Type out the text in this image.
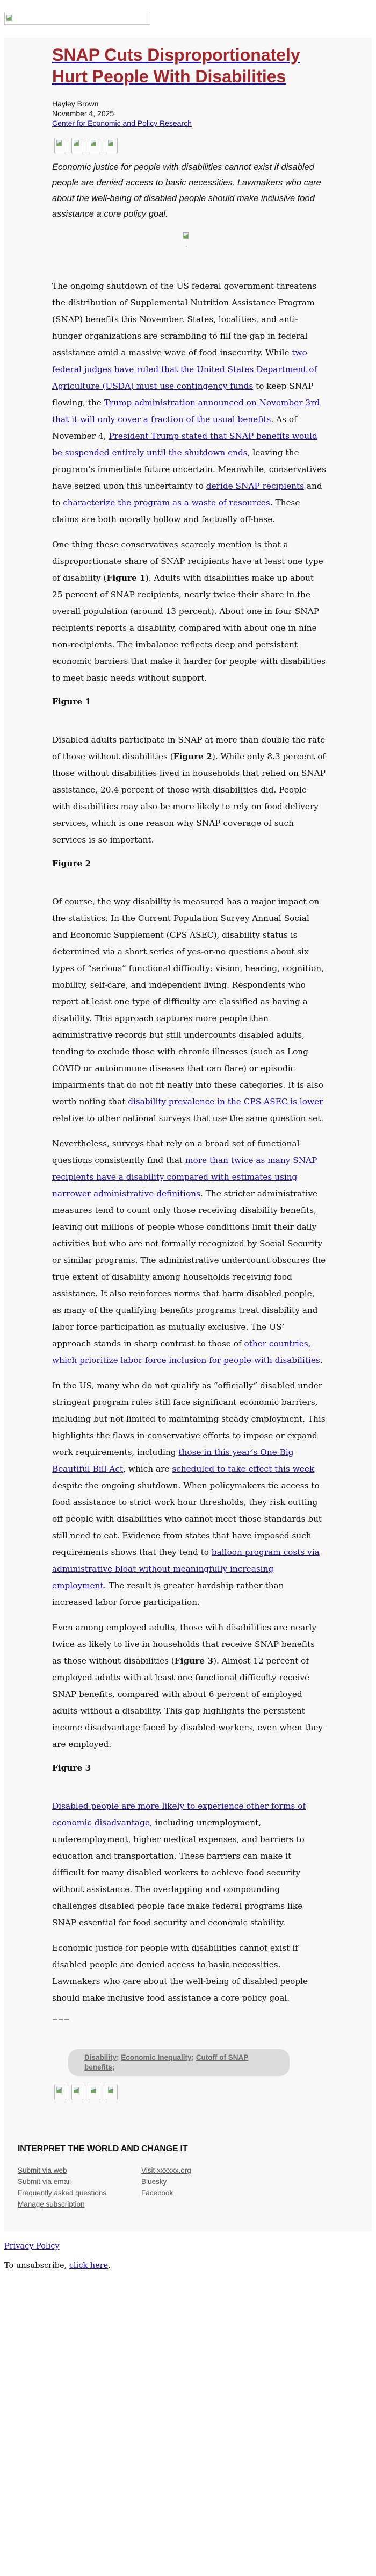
SNAP Cuts Disproportionately
Hurt People With Disabilities
Hayley Brown
November 4, 2025
Center for Economic and Policy Research

Economic justice for people with disabilities cannot exist if disabled people are denied access to basic necessities. Lawmakers who care about the well-being of disabled people should make inclusive food assistance a core policy goal.

,

The ongoing shutdown of the US federal government threatens the distribution of Supplemental Nutrition Assistance Program (SNAP) benefits this November. States, localities, and anti-hunger organizations are scrambling to fill the gap in federal assistance amid a massive wave of food insecurity. While two federal judges have ruled that the United States Department of Agriculture (USDA) must use contingency funds to keep SNAP flowing, the Trump administration announced on November 3rd that it will only cover a fraction of the usual benefits. As of November 4, President Trump stated that SNAP benefits would be suspended entirely until the shutdown ends, leaving the program’s immediate future uncertain. Meanwhile, conservatives have seized upon this uncertainty to deride SNAP recipients and to characterize the program as a waste of resources. These claims are both morally hollow and factually off-base.

One thing these conservatives scarcely mention is that a disproportionate share of SNAP recipients have at least one type of disability (Figure 1). Adults with disabilities make up about 25 percent of SNAP recipients, nearly twice their share in the overall population (around 13 percent). About one in four SNAP recipients reports a disability, compared with about one in nine non-recipients. The imbalance reflects deep and persistent economic barriers that make it harder for people with disabilities to meet basic needs without support.

Figure 1

Disabled adults participate in SNAP at more than double the rate of those without disabilities (Figure 2). While only 8.3 percent of those without disabilities lived in households that relied on SNAP assistance, 20.4 percent of those with disabilities did. People with disabilities may also be more likely to rely on food delivery services, which is one reason why SNAP coverage of such services is so important.

Figure 2

Of course, the way disability is measured has a major impact on the statistics. In the Current Population Survey Annual Social and Economic Supplement (CPS ASEC), disability status is determined via a short series of yes-or-no questions about six types of “serious” functional difficulty: vision, hearing, cognition, mobility, self-care, and independent living. Respondents who report at least one type of difficulty are classified as having a disability. This approach captures more people than administrative records but still undercounts disabled adults, tending to exclude those with chronic illnesses (such as Long COVID or autoimmune diseases that can flare) or episodic impairments that do not fit neatly into these categories. It is also worth noting that disability prevalence in the CPS ASEC is lower relative to other national surveys that use the same question set.

Nevertheless, surveys that rely on a broad set of functional questions consistently find that more than twice as many SNAP recipients have a disability compared with estimates using narrower administrative definitions. The stricter administrative measures tend to count only those receiving disability benefits, leaving out millions of people whose conditions limit their daily activities but who are not formally recognized by Social Security or similar programs. The administrative undercount obscures the true extent of disability among households receiving food assistance. It also reinforces norms that harm disabled people, as many of the qualifying benefits programs treat disability and labor force participation as mutually exclusive. The US’ approach stands in sharp contrast to those of other countries, which prioritize labor force inclusion for people with disabilities.

In the US, many who do not qualify as “officially” disabled under stringent program rules still face significant economic barriers, including but not limited to maintaining steady employment. This highlights the flaws in conservative efforts to impose or expand work requirements, including those in this year’s One Big Beautiful Bill Act, which are scheduled to take effect this week despite the ongoing shutdown. When policymakers tie access to food assistance to strict work hour thresholds, they risk cutting off people with disabilities who cannot meet those standards but still need to eat. Evidence from states that have imposed such requirements shows that they tend to balloon program costs via administrative bloat without meaningfully increasing employment. The result is greater hardship rather than increased labor force participation.

Even among employed adults, those with disabilities are nearly twice as likely to live in households that receive SNAP benefits as those without disabilities (Figure 3). Almost 12 percent of employed adults with at least one functional difficulty receive SNAP benefits, compared with about 6 percent of employed adults without a disability. This gap highlights the persistent income disadvantage faced by disabled workers, even when they are employed.

Figure 3

Disabled people are more likely to experience other forms of economic disadvantage, including unemployment, underemployment, higher medical expenses, and barriers to education and transportation. These barriers can make it difficult for many disabled workers to achieve food security without assistance. The overlapping and compounding challenges disabled people face make federal programs like SNAP essential for food security and economic stability.

Economic justice for people with disabilities cannot exist if disabled people are denied access to basic necessities. Lawmakers who care about the well-being of disabled people should make inclusive food assistance a core policy goal.

===
Disability; Economic Inequality; Cutoff of SNAP benefits;
INTERPRET THE WORLD AND CHANGE IT
Submit via web
Submit via email
Frequently asked questions
Manage subscription
Visit xxxxxx.org
Bluesky
Facebook

Privacy Policy

To unsubscribe, click here.
